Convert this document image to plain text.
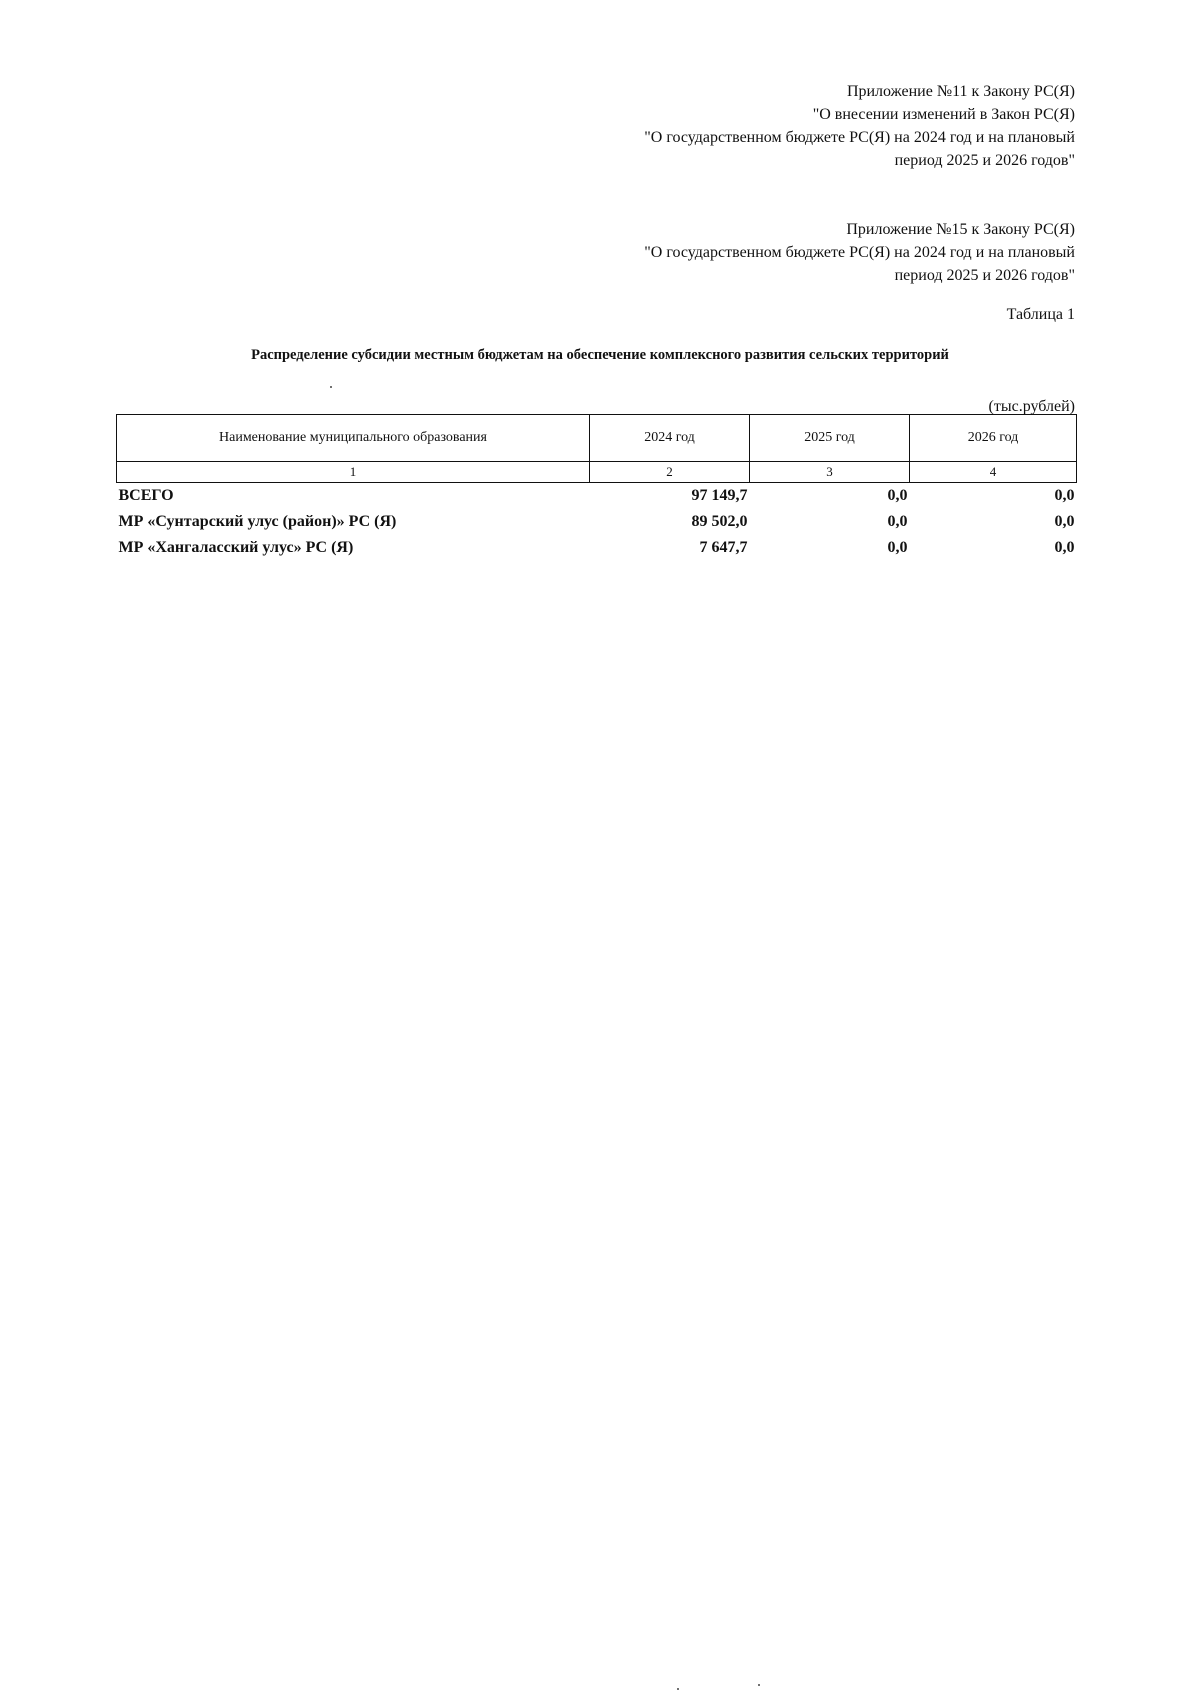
Приложение №11 к Закону РС(Я)
"О внесении изменений в Закон РС(Я)
"О государственном бюджете РС(Я) на 2024 год и на плановый
период 2025 и 2026 годов"
Приложение №15 к Закону РС(Я)
"О государственном бюджете РС(Я) на 2024 год и на плановый
период 2025 и 2026 годов"
Таблица 1
Распределение субсидии местным бюджетам на обеспечение комплексного развития сельских территорий
(тыс.рублей)
Наименование муниципального образования	2024 год	2025 год	2026 год
1	2	3	4
ВСЕГО	97 149,7	0,0	0,0
МР «Сунтарский улус (район)» РС (Я)	89 502,0	0,0	0,0
МР «Хангаласский улус» РС (Я)	7 647,7	0,0	0,0
